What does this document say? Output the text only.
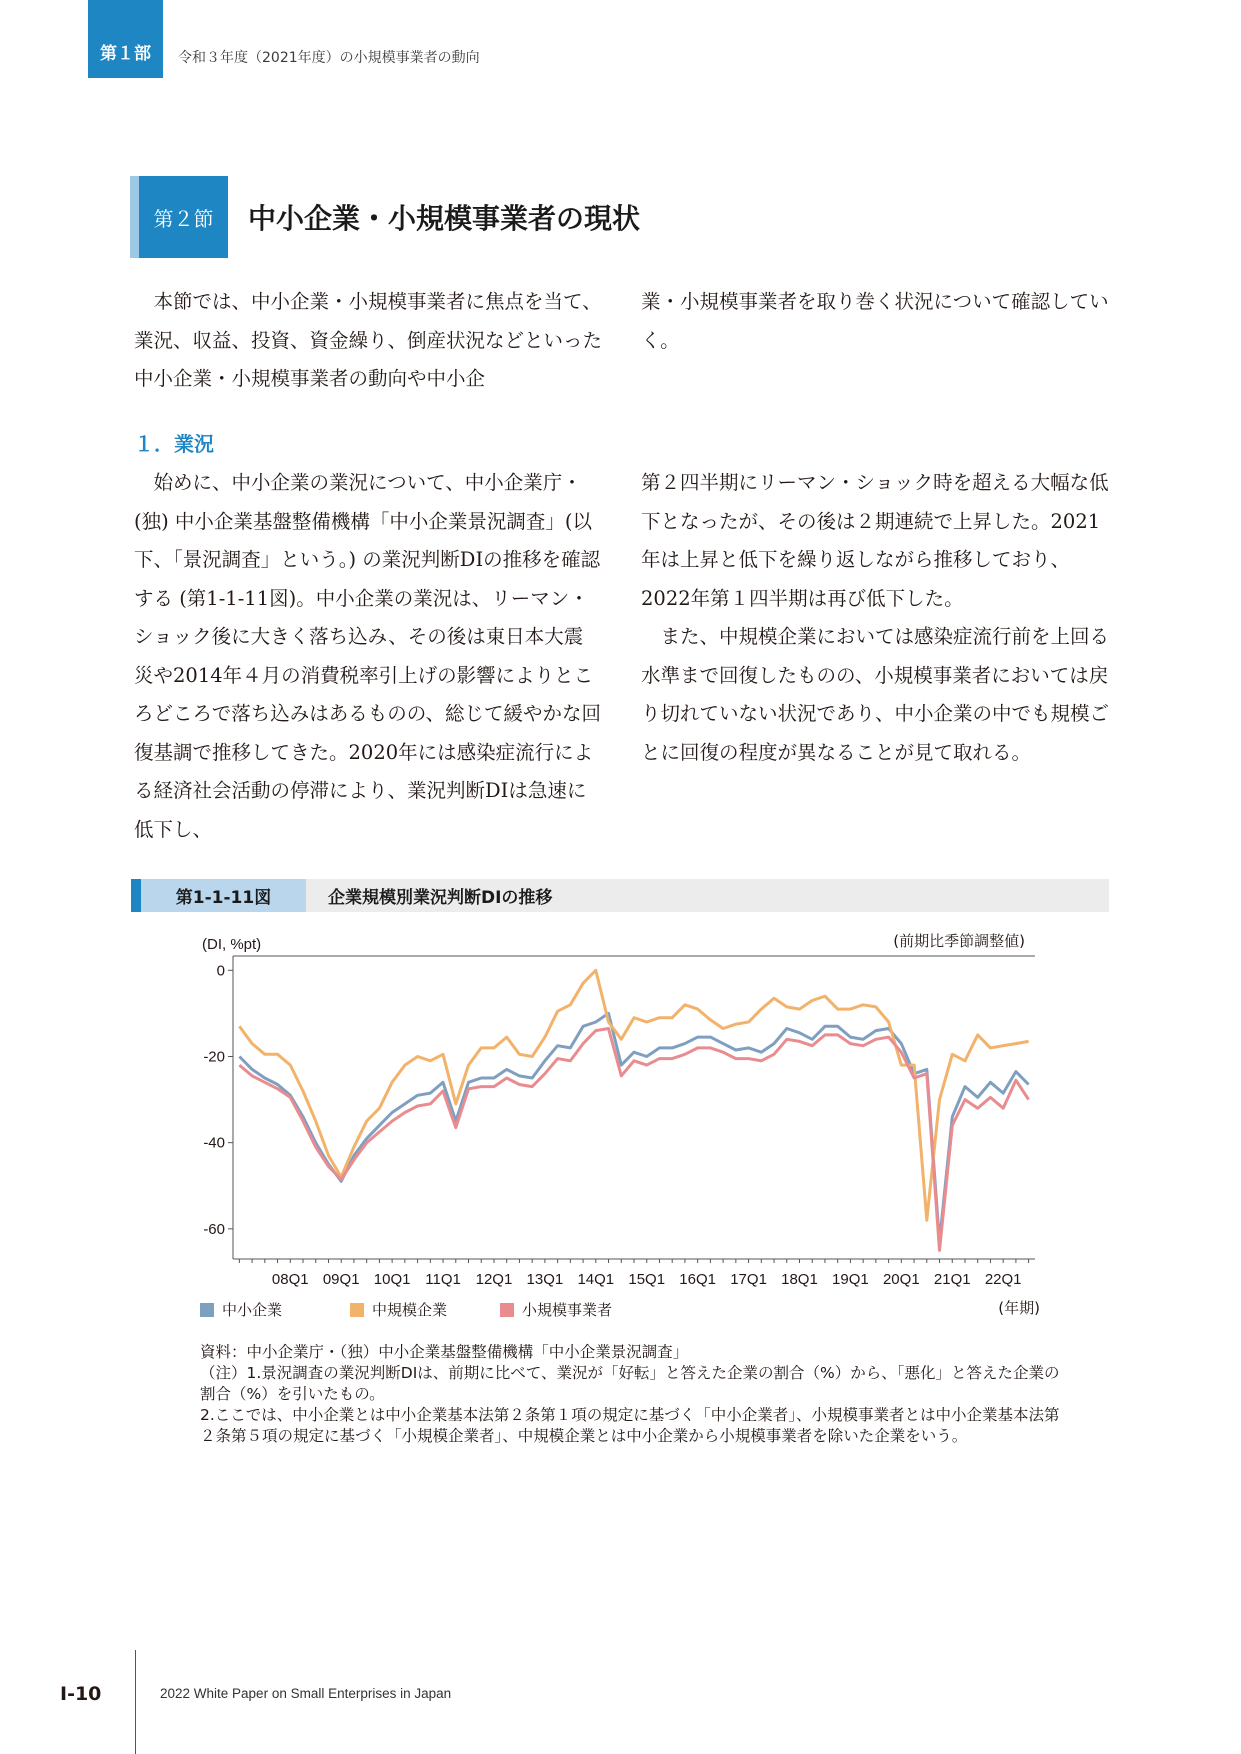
第１部 令和３年度（2021年度）の小規模事業者の動向
第２節	中小企業・小規模事業者の現状

本節では、中小企業・小規模事業者に焦点を当て、業況、収益、投資、資金繰り、倒産状況などといった中小企業・小規模事業者の動向や中小企

業・小規模事業者を取り巻く状況について確認していく。

１．業況

始めに、中小企業の業況について、中小企業庁・(独) 中小企業基盤整備機構「中小企業景況調査」(以下、「景況調査」という。) の業況判断DIの推移を確認する (第1-1-11図)。中小企業の業況は、リーマン・ショック後に大きく落ち込み、その後は東日本大震災や2014年４月の消費税率引上げの影響によりところどころで落ち込みはあるものの、総じて緩やかな回復基調で推移してきた。2020年には感染症流行による経済社会活動の停滞により、業況判断DIは急速に低下し、

第２四半期にリーマン・ショック時を超える大幅な低下となったが、その後は２期連続で上昇した。2021年は上昇と低下を繰り返しながら推移しており、2022年第１四半期は再び低下した。

また、中規模企業においては感染症流行前を上回る水準まで回復したものの、小規模事業者においては戻り切れていない状況であり、中小企業の中でも規模ごとに回復の程度が異なることが見て取れる。

第1-1-11図	企業規模別業況判断DIの推移
0
-20
-40
-60
08Q1 09Q1 10Q1 11Q1 12Q1 13Q1 14Q1 15Q1 16Q1 17Q1 18Q1 19Q1 20Q1 21Q1 22Q1
(DI, %pt)	(前期比季節調整値)
(年期)
中小企業	中規模企業	小規模事業者

資料：中小企業庁・（独）中小企業基盤整備機構「中小企業景況調査」

（注）1.景況調査の業況判断DIは、前期に比べて、業況が「好転」と答えた企業の割合（%）から、「悪化」と答えた企業の割合（%）を引いたもの。

2.ここでは、中小企業とは中小企業基本法第２条第１項の規定に基づく「中小企業者」、小規模事業者とは中小企業基本法第２条第５項の規定に基づく「小規模企業者」、中規模企業とは中小企業から小規模事業者を除いた企業をいう。

Ⅰ-10	2022 White Paper on Small Enterprises in Japan
